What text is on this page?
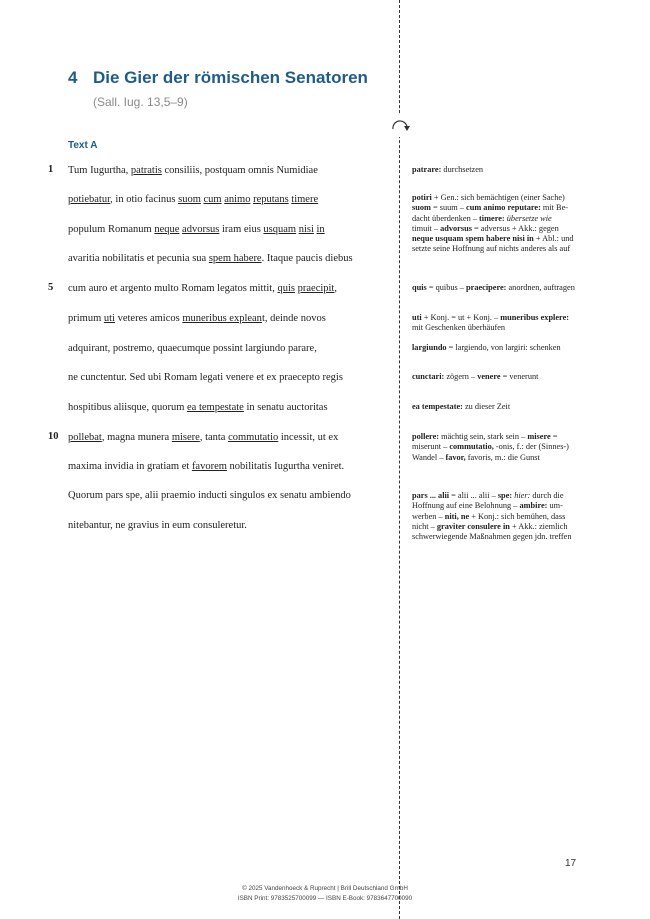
4 Die Gier der römischen Senatoren
(Sall. Iug. 13,5–9)
Text A
1
5
10
Tum Iugurtha, patratis consiliis, postquam omnis Numidiae
potiebatur, in otio facinus suom cum animo reputans timere
populum Romanum neque advorsus iram eius usquam nisi in
avaritia nobilitatis et pecunia sua spem habere. Itaque paucis diebus
cum auro et argento multo Romam legatos mittit, quis praecipit,
primum uti veteres amicos muneribus expleant, deinde novos
adquirant, postremo, quaecumque possint largiundo parare,
ne cunctentur. Sed ubi Romam legati venere et ex praecepto regis
hospitibus aliisque, quorum ea tempestate in senatu auctoritas
pollebat, magna munera misere, tanta commutatio incessit, ut ex
maxima invidia in gratiam et favorem nobilitatis Iugurtha veniret.
Quorum pars spe, alii praemio inducti singulos ex senatu ambiendo
nitebantur, ne gravius in eum consuleretur.
patrare: durchsetzen
potiri + Gen.: sich bemächtigen (einer Sache)
suom = suum – cum animo reputare: mit Be-
dacht überdenken – timere: übersetze wie
timuit – advorsus = adversus + Akk.: gegen
neque usquam spem habere nisi in + Abl.: und
setzte seine Hoffnung auf nichts anderes als auf
quis = quibus – praecipere: anordnen, auftragen
uti + Konj. = ut + Konj. – muneribus explere:
mit Geschenken überhäufen
largiundo = largiendo, von largiri: schenken
cunctari: zögern – venere = venerunt
ea tempestate: zu dieser Zeit
pollere: mächtig sein, stark sein – misere =
miserunt – commutatio, -onis, f.: der (Sinnes-)
Wandel – favor, favoris, m.: die Gunst
pars ... alii = alii ... alii – spe: hier: durch die
Hoffnung auf eine Belohnung – ambire: um-
werben – niti, ne + Konj.: sich bemühen, dass
nicht – graviter consulere in + Akk.: ziemlich
schwerwiegende Maßnahmen gegen jdn. treffen
17
© 2025 Vandenhoeck & Ruprecht | Brill Deutschland GmbH
ISBN Print: 9783525700099 — ISBN E-Book: 9783647700090
